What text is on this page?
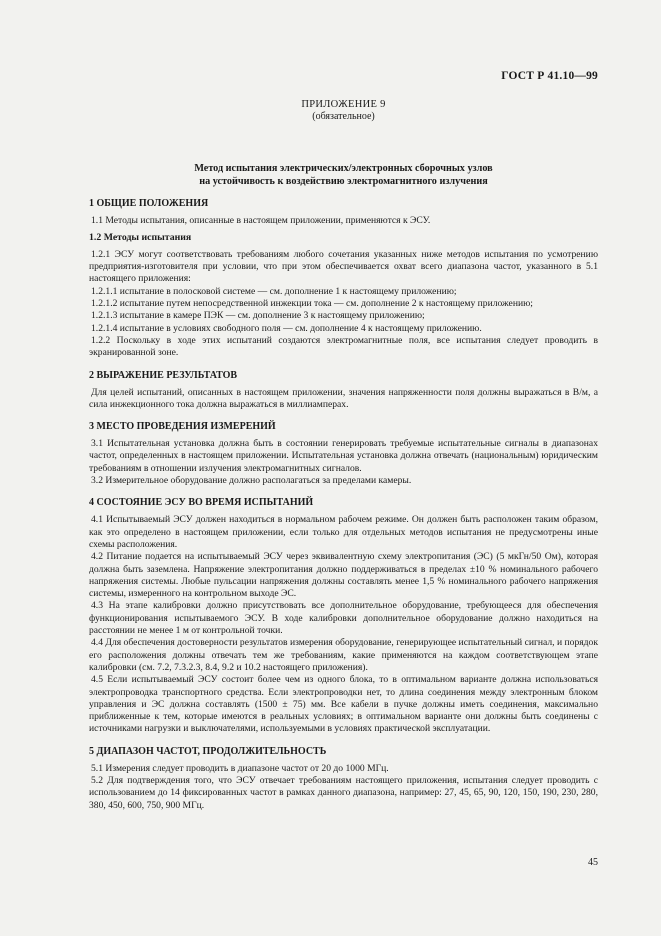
ГОСТ Р 41.10—99

ПРИЛОЖЕНИЕ 9

(обязательное)

Метод испытания электрических/электронных сборочных узлов
на устойчивость к воздействию электромагнитного излучения
1 ОБЩИЕ ПОЛОЖЕНИЯ

1.1 Методы испытания, описанные в настоящем приложении, применяются к ЭСУ.

1.2 Методы испытания

1.2.1 ЭСУ могут соответствовать требованиям любого сочетания указанных ниже методов испытания по усмотрению предприятия-изготовителя при условии, что при этом обеспечивается охват всего диапазона частот, указанного в 5.1 настоящего приложения:

1.2.1.1 испытание в полосковой системе — см. дополнение 1 к настоящему приложению;

1.2.1.2 испытание путем непосредственной инжекции тока — см. дополнение 2 к настоящему приложению;

1.2.1.3 испытание в камере ПЭК — см. дополнение 3 к настоящему приложению;

1.2.1.4 испытание в условиях свободного поля — см. дополнение 4 к настоящему приложению.

1.2.2 Поскольку в ходе этих испытаний создаются электромагнитные поля, все испытания следует проводить в экранированной зоне.

2 ВЫРАЖЕНИЕ РЕЗУЛЬТАТОВ

Для целей испытаний, описанных в настоящем приложении, значения напряженности поля должны выражаться в В/м, а сила инжекционного тока должна выражаться в миллиамперах.

3 МЕСТО ПРОВЕДЕНИЯ ИЗМЕРЕНИЙ

3.1 Испытательная установка должна быть в состоянии генерировать требуемые испытательные сигналы в диапазонах частот, определенных в настоящем приложении. Испытательная установка должна отвечать (национальным) юридическим требованиям в отношении излучения электромагнитных сигналов.

3.2 Измерительное оборудование должно располагаться за пределами камеры.

4 СОСТОЯНИЕ ЭСУ ВО ВРЕМЯ ИСПЫТАНИЙ

4.1 Испытываемый ЭСУ должен находиться в нормальном рабочем режиме. Он должен быть расположен таким образом, как это определено в настоящем приложении, если только для отдельных методов испытания не предусмотрены иные схемы расположения.

4.2 Питание подается на испытываемый ЭСУ через эквивалентную схему электропитания (ЭС) (5 мкГн/50 Ом), которая должна быть заземлена. Напряжение электропитания должно поддерживаться в пределах ±10 % номинального рабочего напряжения системы. Любые пульсации напряжения должны составлять менее 1,5 % номинального рабочего напряжения системы, измеренного на контрольном выходе ЭС.

4.3 На этапе калибровки должно присутствовать все дополнительное оборудование, требующееся для обеспечения функционирования испытываемого ЭСУ. В ходе калибровки дополнительное оборудование должно находиться на расстоянии не менее 1 м от контрольной точки.

4.4 Для обеспечения достоверности результатов измерения оборудование, генерирующее испытательный сигнал, и порядок его расположения должны отвечать тем же требованиям, какие применяются на каждом соответствующем этапе калибровки (см. 7.2, 7.3.2.3, 8.4, 9.2 и 10.2 настоящего приложения).

4.5 Если испытываемый ЭСУ состоит более чем из одного блока, то в оптимальном варианте должна использоваться электропроводка транспортного средства. Если электропроводки нет, то длина соединения между электронным блоком управления и ЭС должна составлять (1500 ± 75) мм. Все кабели в пучке должны иметь соединения, максимально приближенные к тем, которые имеются в реальных условиях; в оптимальном варианте они должны быть соединены с источниками нагрузки и выключателями, используемыми в условиях практической эксплуатации.

5 ДИАПАЗОН ЧАСТОТ, ПРОДОЛЖИТЕЛЬНОСТЬ

5.1 Измерения следует проводить в диапазоне частот от 20 до 1000 МГц.

5.2 Для подтверждения того, что ЭСУ отвечает требованиям настоящего приложения, испытания следует проводить с использованием до 14 фиксированных частот в рамках данного диапазона, например: 27, 45, 65, 90, 120, 150, 190, 230, 280, 380, 450, 600, 750, 900 МГц.

45
